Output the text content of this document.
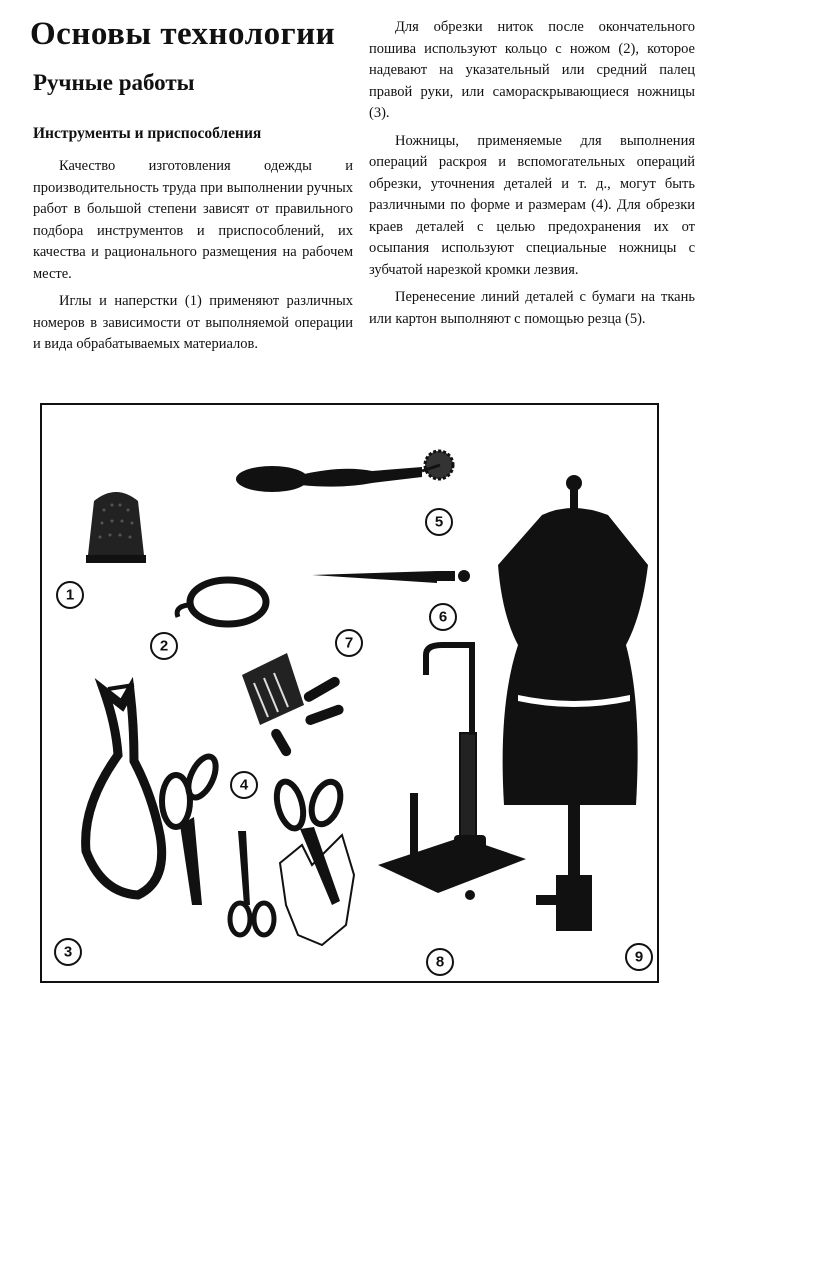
Основы технологии
Ручные работы
Инструменты и приспособления

Качество изготовления одежды и производительность труда при выполнении ручных работ в большой степени зависят от правильного подбора инструментов и приспособлений, их качества и рационального размещения на рабочем месте.

Иглы и наперстки (1) применяют различных номеров в зависимости от выполняемой операции и вида обрабатываемых материалов.

Для обрезки ниток после окончательного пошива используют кольцо с ножом (2), которое надевают на указательный или средний палец правой руки, или самораскрывающиеся ножницы (3).

Ножницы, применяемые для выполнения операций раскроя и вспомогательных операций обрезки, уточнения деталей и т. д., могут быть различными по форме и размерам (4). Для обрезки краев деталей с целью предохранения их от осыпания используют специальные ножницы с зубчатой нарезкой кромки лезвия.

Перенесение линий деталей с бумаги на ткань или картон выполняют с помощью резца (5).

1
2
3
4
5
6
7
8	9
